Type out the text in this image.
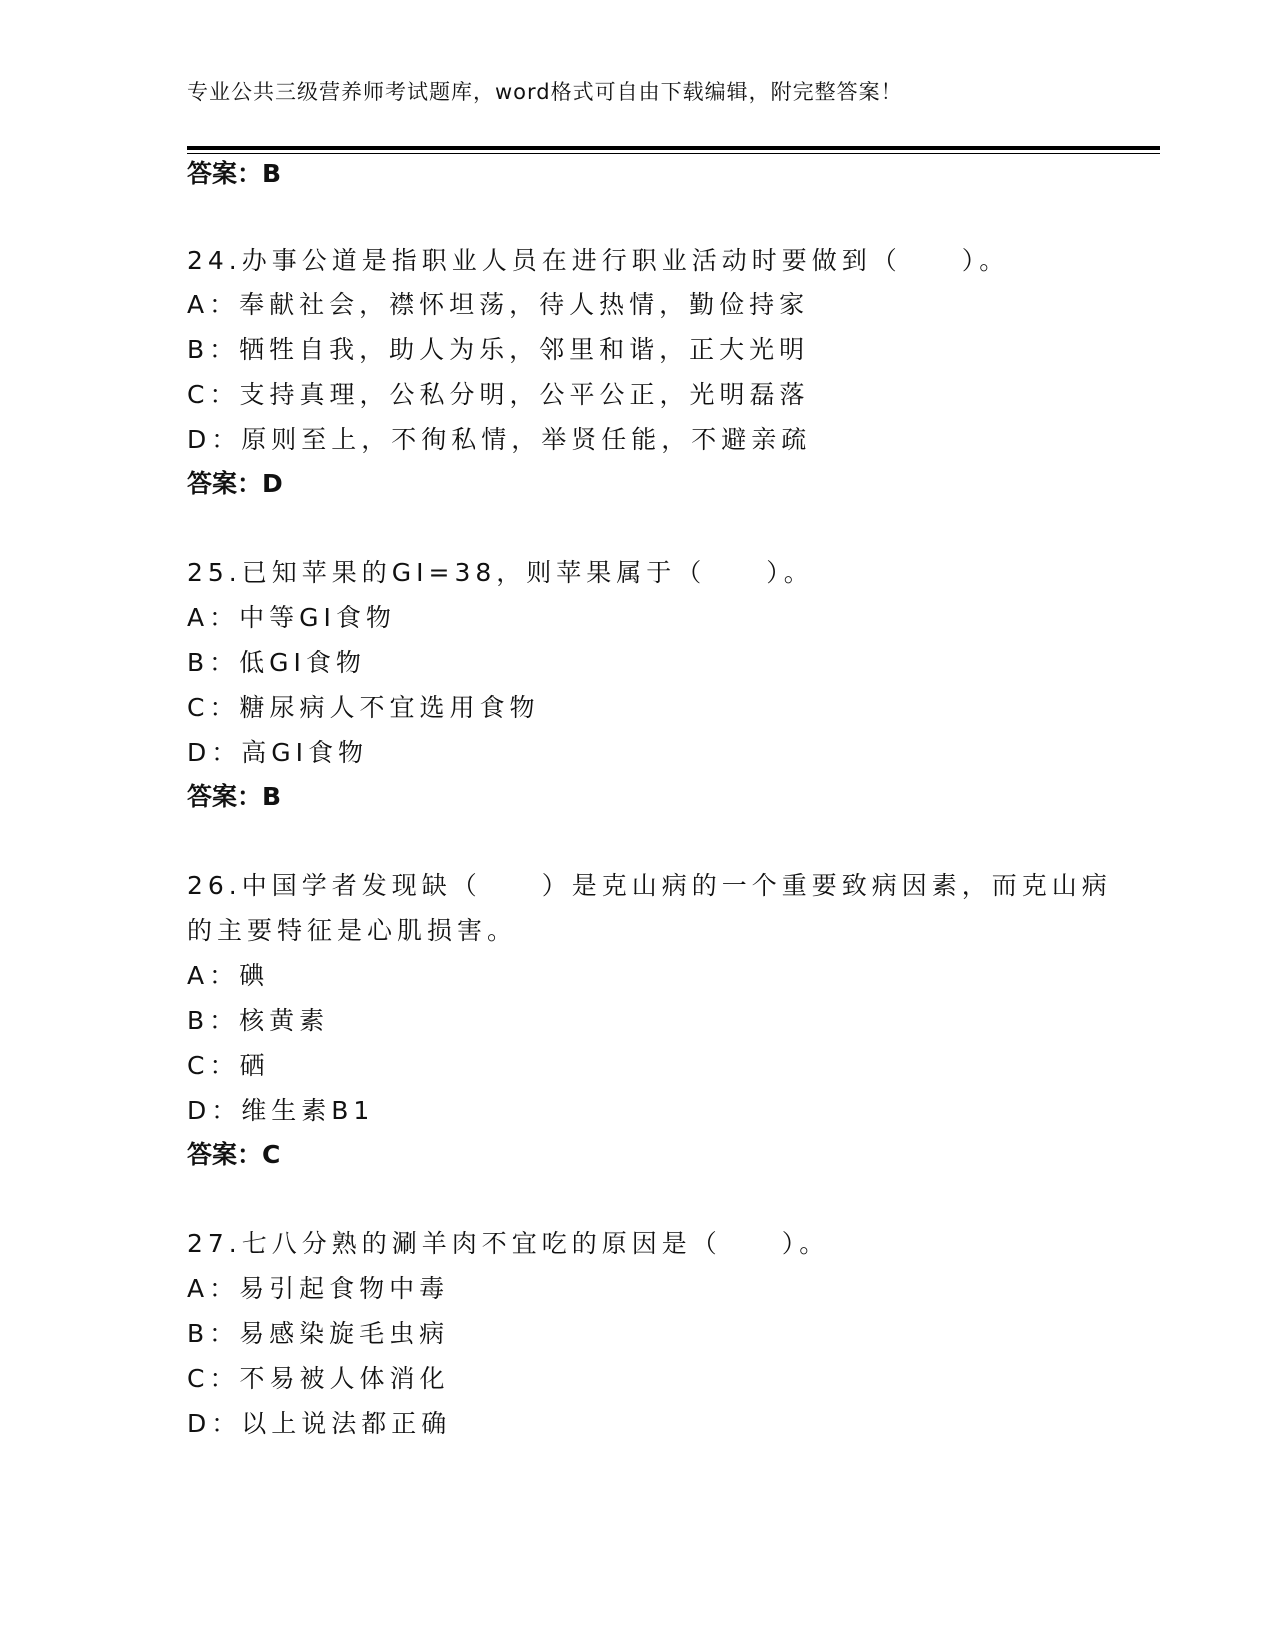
专业公共三级营养师考试题库，word格式可自由下载编辑，附完整答案！
答案：B
24.办事公道是指职业人员在进行职业活动时要做到（　　）。
A：奉献社会，襟怀坦荡，待人热情，勤俭持家
B：牺牲自我，助人为乐，邻里和谐，正大光明
C：支持真理，公私分明，公平公正，光明磊落
D：原则至上，不徇私情，举贤任能，不避亲疏
答案：D
25.已知苹果的GI=38，则苹果属于（　　）。
A：中等GI食物
B：低GI食物
C：糖尿病人不宜选用食物
D：高GI食物
答案：B
26.中国学者发现缺（　　）是克山病的一个重要致病因素，而克山病
的主要特征是心肌损害。
A：碘
B：核黄素
C：硒
D：维生素B1
答案：C
27.七八分熟的涮羊肉不宜吃的原因是（　　）。
A：易引起食物中毒
B：易感染旋毛虫病
C：不易被人体消化
D：以上说法都正确
